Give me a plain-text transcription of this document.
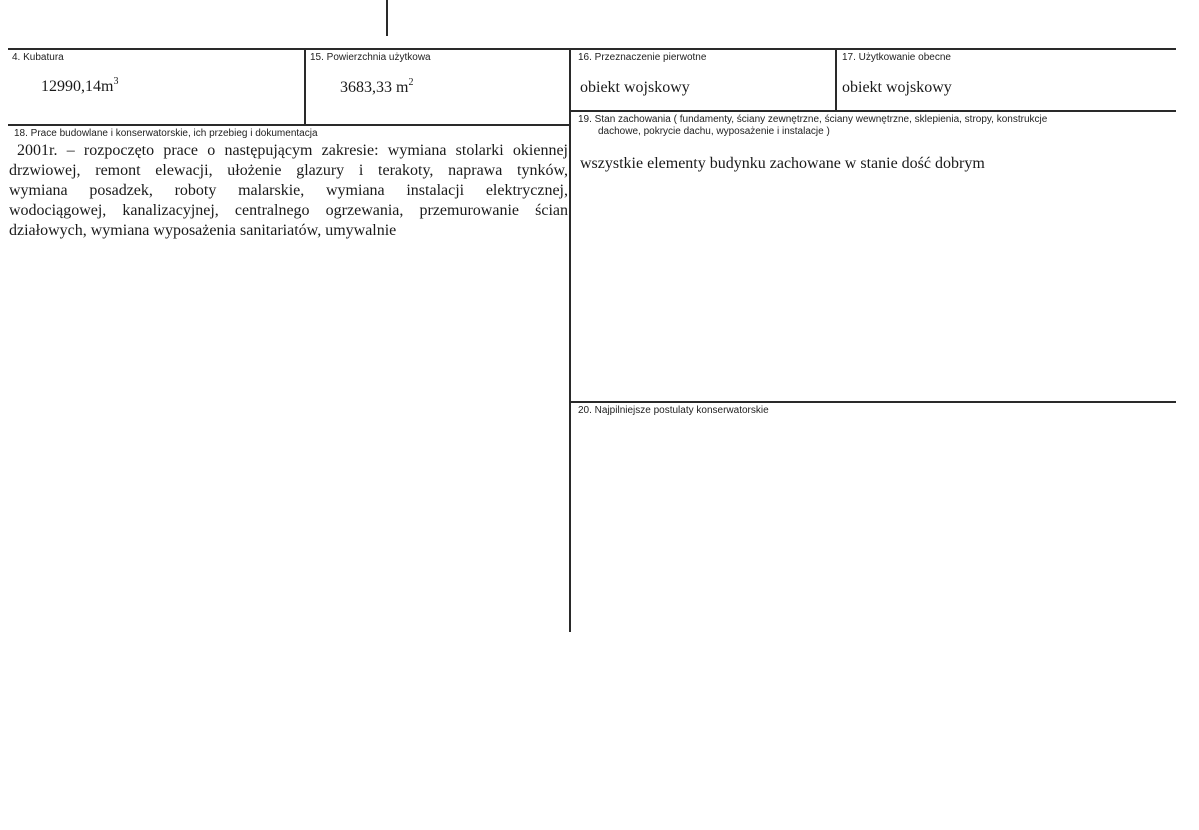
4. Kubatura
$12990,14m^3$
15. Powierzchnia użytkowa
3683,33 $m^2$
16. Przeznaczenie pierwotne
obiekt wojskowy
17. Użytkowanie obecne
obiekt wojskowy
18. Prace budowlane i konserwatorskie, ich przebieg i dokumentacja
2001r. – rozpoczęto prace o następującym zakresie: wymiana stolarki okiennej
drzwiowej, remont elewacji, ułożenie glazury i terakoty, naprawa tynków,
wymiana posadzek, roboty malarskie, wymiana instalacji elektrycznej,
wodociągowej, kanalizacyjnej, centralnego ogrzewania, przemurowanie ścian
działowych, wymiana wyposażenia sanitariatów, umywalnie
19. Stan zachowania ( fundamenty, ściany zewnętrzne, ściany wewnętrzne, sklepienia, stropy, konstrukcje
dachowe, pokrycie dachu, wyposażenie i instalacje )
wszystkie elementy budynku zachowane w stanie dość dobrym
20. Najpilniejsze postulaty konserwatorskie
